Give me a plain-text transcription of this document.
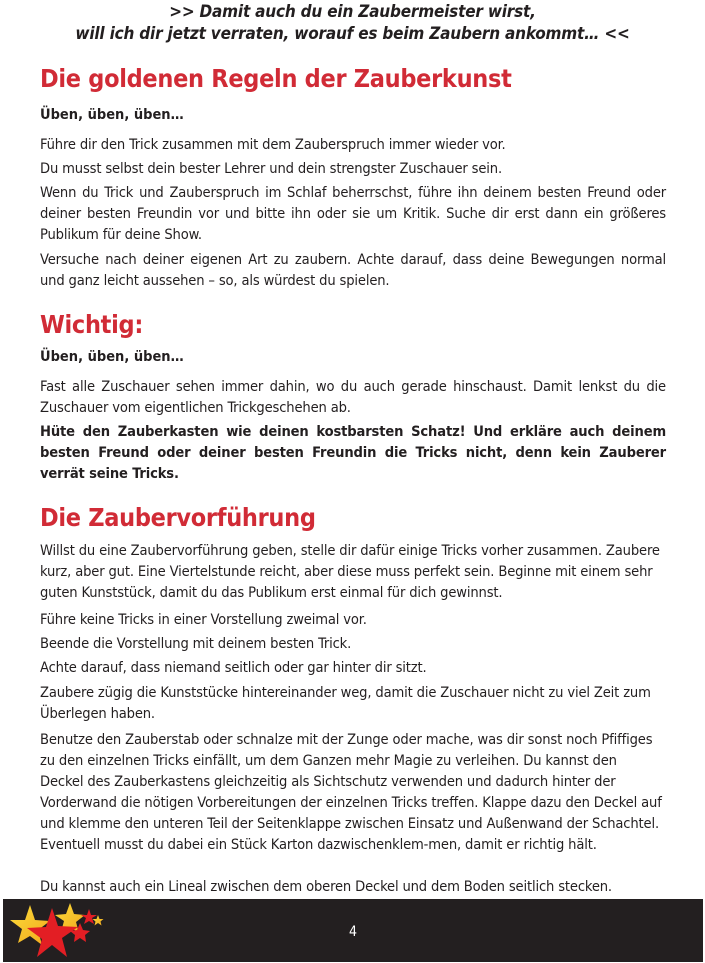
>> Damit auch du ein Zaubermeister wirst,
will ich dir jetzt verraten, worauf es beim Zaubern ankommt… <<
Die goldenen Regeln der Zauberkunst
Üben, üben, üben…
Führe dir den Trick zusammen mit dem Zauberspruch immer wieder vor.
Du musst selbst dein bester Lehrer und dein strengster Zuschauer sein.
Wenn du Trick und Zauberspruch im Schlaf beherrschst, führe ihn deinem besten Freund oder deiner besten Freundin vor und bitte ihn oder sie um Kritik. Suche dir erst dann ein größeres Publikum für deine Show.
Versuche nach deiner eigenen Art zu zaubern. Achte darauf, dass deine Bewegungen normal und ganz leicht aussehen – so, als würdest du spielen.
Wichtig:
Üben, üben, üben…
Fast alle Zuschauer sehen immer dahin, wo du auch gerade hinschaust. Damit lenkst du die Zuschauer vom eigentlichen Trickgeschehen ab.
Hüte den Zauberkasten wie deinen kostbarsten Schatz! Und erkläre auch deinem besten Freund oder deiner besten Freundin die Tricks nicht, denn kein Zauberer verrät seine Tricks.
Die Zaubervorführung
Willst du eine Zaubervorführung geben, stelle dir dafür einige Tricks vorher zusammen. Zaubere kurz, aber gut. Eine Viertelstunde reicht, aber diese muss perfekt sein. Beginne mit einem sehr guten Kunststück, damit du das Publikum erst einmal für dich gewinnst.
Führe keine Tricks in einer Vorstellung zweimal vor.
Beende die Vorstellung mit deinem besten Trick.
Achte darauf, dass niemand seitlich oder gar hinter dir sitzt.
Zaubere zügig die Kunststücke hintereinander weg, damit die Zuschauer nicht zu viel Zeit zum Überlegen haben.
Benutze den Zauberstab oder schnalze mit der Zunge oder mache, was dir sonst noch Pfiffiges zu den einzelnen Tricks einfällt, um dem Ganzen mehr Magie zu verleihen. Du kannst den Deckel des Zauberkastens gleichzeitig als Sichtschutz verwenden und dadurch hinter der Vorderwand die nötigen Vorbereitungen der einzelnen Tricks treffen. Klappe dazu den Deckel auf und klemme den unteren Teil der Seitenklappe zwischen Einsatz und Außenwand der Schachtel. Eventuell musst du dabei ein Stück Karton dazwischenklem-men, damit er richtig hält.
Du kannst auch ein Lineal zwischen dem oberen Deckel und dem Boden seitlich stecken.
4
